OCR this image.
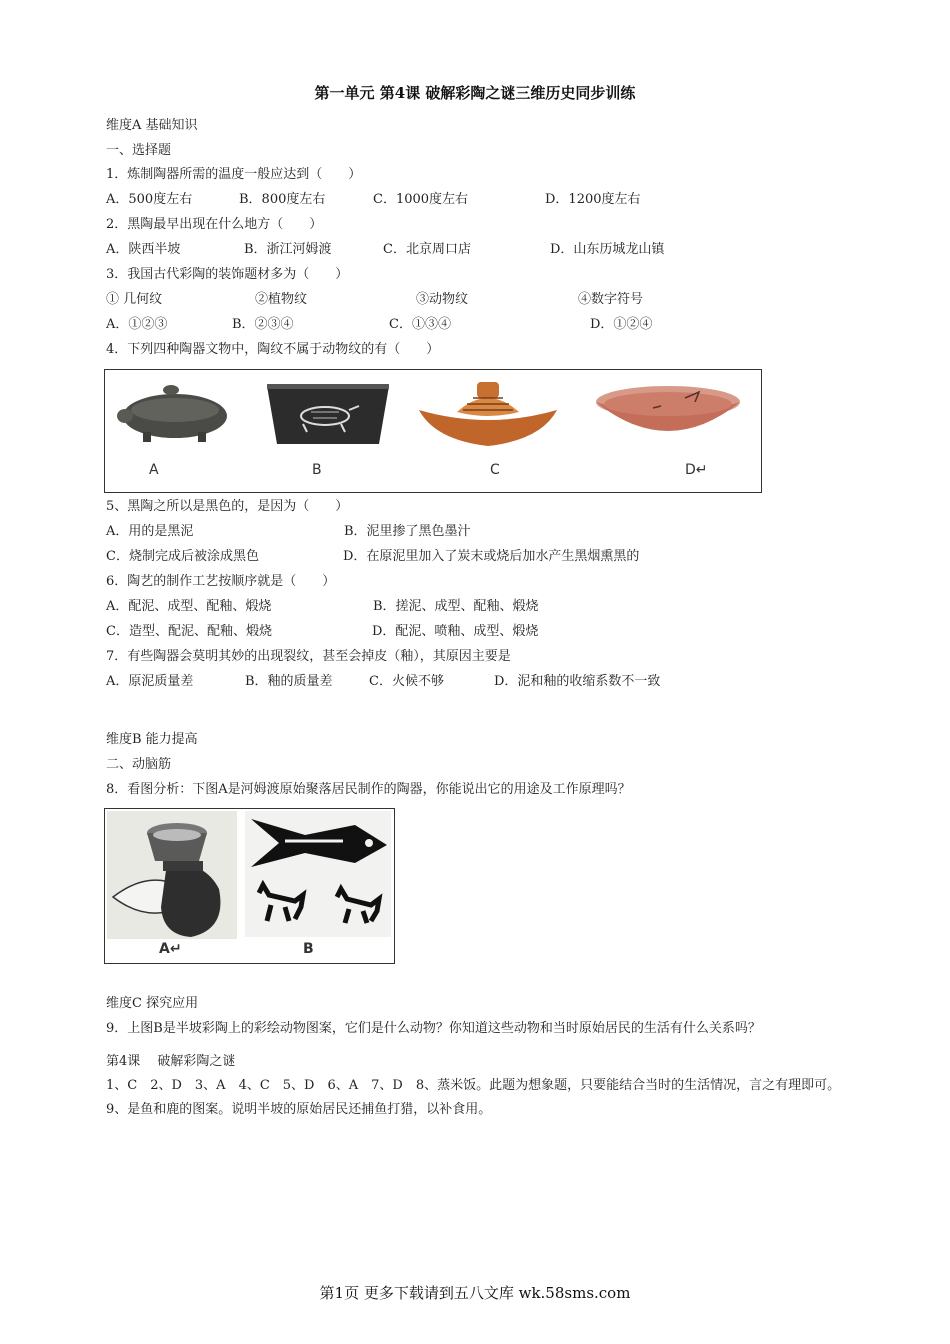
第一单元 第4课 破解彩陶之谜三维历史同步训练
维度A 基础知识
一、选择题
1．炼制陶器所需的温度一般应达到（　　）
A．500度左右	B．800度左右	C．1000度左右	D．1200度左右
2．黑陶最早出现在什么地方（　　）
A．陕西半坡	B．浙江河姆渡	C．北京周口店	D．山东历城龙山镇
3．我国古代彩陶的装饰题材多为（　　）
① 几何纹	②植物纹	③动物纹	④数字符号
A．①②③	B．②③④	C．①③④	D．①②④
4．下列四种陶器文物中，陶纹不属于动物纹的有（　　）
A	B	C	D↵
5、黑陶之所以是黑色的，是因为（　　）
A．用的是黑泥	B．泥里掺了黑色墨汁
C．烧制完成后被涂成黑色	D．在原泥里加入了炭末或烧后加水产生黑烟熏黑的
6．陶艺的制作工艺按顺序就是（　　）
A．配泥、成型、配釉、煅烧	B．搓泥、成型、配釉、煅烧
C．造型、配泥、配釉、煅烧	D．配泥、喷釉、成型、煅烧
7．有些陶器会莫明其妙的出现裂纹，甚至会掉皮（釉），其原因主要是
A．原泥质量差	B．釉的质量差	C．火候不够	D．泥和釉的收缩系数不一致
维度B 能力提高
二、动脑筋
8．看图分析：下图A是河姆渡原始聚落居民制作的陶器，你能说出它的用途及工作原理吗？
A↵	B
维度C 探究应用
9．上图B是半坡彩陶上的彩绘动物图案，它们是什么动物？你知道这些动物和当时原始居民的生活有什么关系吗？
第4课　 破解彩陶之谜
1、C　2、D　3、A　4、C　5、D　6、A　7、D　8、蒸米饭。此题为想象题，只要能结合当时的生活情况，言之有理即可。9、是鱼和鹿的图案。说明半坡的原始居民还捕鱼打猎，以补食用。
第1页 更多下载请到五八文库 wk.58sms.com
